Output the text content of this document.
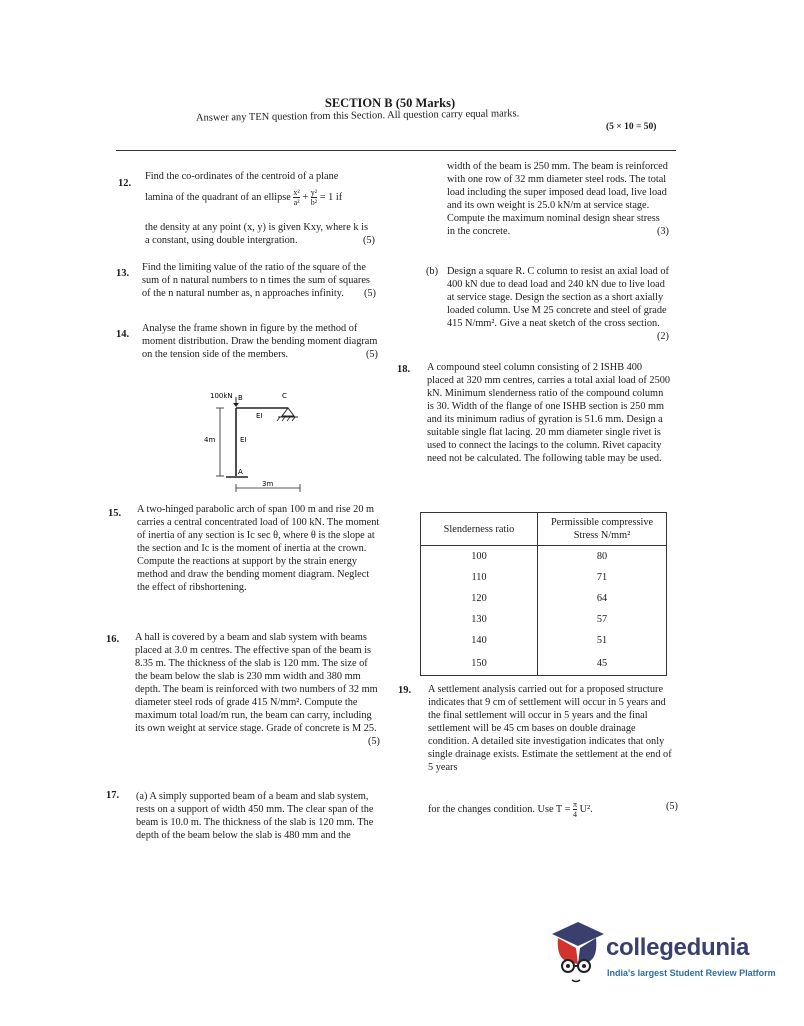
SECTION B (50 Marks)
Answer any TEN question from this Section. All question carry equal marks.
(5 × 10 = 50)
12.
Find the co-ordinates of the centroid of a plane
lamina of the quadrant of an ellipse $\frac{\text{x²}}{\text{a²}} + \frac{\text{y²}}{\text{b²}} = 1$ if
the density at any point (x, y) is given Kxy, where k is a constant, using double intergration.	(5)
13.
Find the limiting value of the ratio of the square of the sum of n natural numbers to n times the sum of squares of the n natural number as, n approaches infinity. (5)
14.
Analyse the frame shown in figure by the method of moment distribution. Draw the bending moment diagram on the tension side of the members.	(5)
100kN B	C
EI
EI
4m
A
3m
15. A two-hinged parabolic arch of span 100 m and rise 20 m carries a central concentrated load of 100 kN. The moment of inertia of any section is Ic sec θ, where θ is the slope at the section and Ic is the moment of inertia at the crown. Compute the reactions at support by the strain energy method and draw the bending moment diagram. Neglect the effect of ribshortening.
16. A hall is covered by a beam and slab system with beams placed at 3.0 m centres. The effective span of the beam is 8.35 m. The thickness of the slab is 120 mm. The size of the beam below the slab is 230 mm width and 380 mm depth. The beam is reinforced with two numbers of 32 mm diameter steel rods of grade 415 N/mm². Compute the maximum total load/m run, the beam can carry, including its own weight at service stage. Grade of concrete is M 25.
(5)
17. (a) A simply supported beam of a beam and slab system, rests on a support of width 450 mm. The clear span of the beam is 10.0 m. The thickness of the slab is 120 mm. The depth of the beam below the slab is 480 mm and the
width of the beam is 250 mm. The beam is reinforced with one row of 32 mm diameter steel rods. The total load including the super imposed dead load, live load and its own weight is 25.0 kN/m at service stage. Compute the maximum nominal design shear stress in the concrete.	(3)
(b) Design a square R. C column to resist an axial load of 400 kN due to dead load and 240 kN due to live load at service stage. Design the section as a short axially loaded column. Use M 25 concrete and steel of grade 415 N/mm². Give a neat sketch of the cross section.
(2)
18. A compound steel column consisting of 2 ISHB 400 placed at 320 mm centres, carries a total axial load of 2500 kN. Minimum slenderness ratio of the compound column is 30. Width of the flange of one ISHB section is 250 mm and its minimum radius of gyration is 51.6 mm. Design a suitable single flat lacing. 20 mm diameter single rivet is used to connect the lacings to the column. Rivet capacity need not be calculated. The following table may be used.
Slenderness ratio	Permissible compressive Stress N/mm²
100	80
110	71
120	64
130	57
140	51
150	45
19. A settlement analysis carried out for a proposed structure indicates that 9 cm of settlement will occur in 5 years and the final settlement will occur in 5 years and the final settlement will be 45 cm bases on double drainage condition. A detailed site investigation indicates that only single drainage exists. Estimate the settlement at the end of 5 years
for the changes condition. Use $T = \frac{\pi}{4} U^2$.	(5)
collegedunia
India's largest Student Review Platform
